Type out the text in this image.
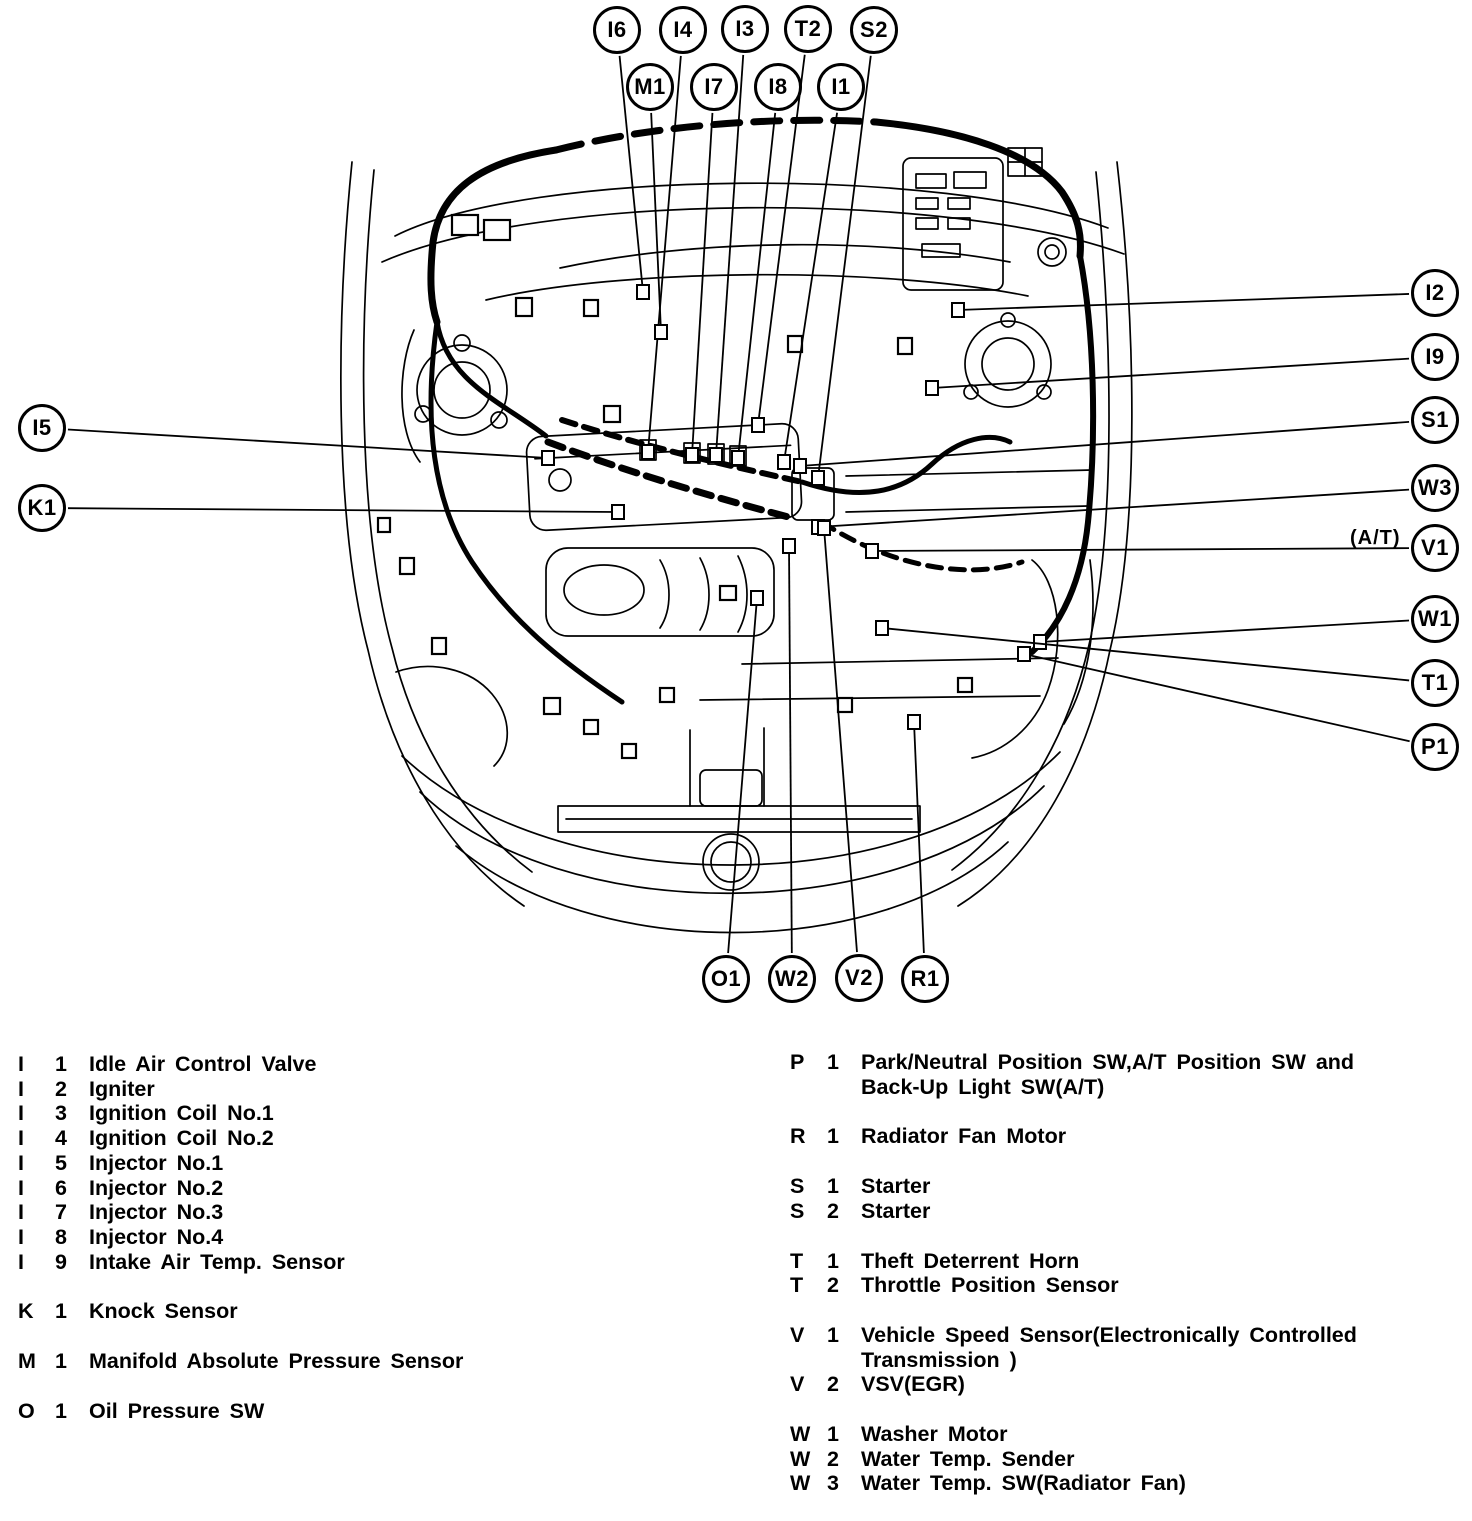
I6	I4	I3	T2	S2
M1	I7	I8	I1
I2
I9
S1
W3
V1
W1
T1
P1
I5
K1
O1	W2	V2	R1
(A/T)
I	1	Idle Air Control Valve
I	2	Igniter
I	3	Ignition Coil No.1
I	4	Ignition Coil No.2
I	5	Injector No.1
I	6	Injector No.2
I	7	Injector No.3
I	8	Injector No.4
I	9	Intake Air Temp. Sensor
K 1	Knock Sensor
M 1	Manifold Absolute Pressure Sensor
O 1	Oil Pressure SW
P	1	Park/Neutral Position SW,A/T Position SW and
Back-Up Light SW(A/T)
R 1	Radiator Fan Motor
S	1	Starter
S	2	Starter
T	1	Theft Deterrent Horn
T	2	Throttle Position Sensor
V	1	Vehicle Speed Sensor(Electronically Controlled
Transmission )
V	2	VSV(EGR)
W 1	Washer Motor
W 2	Water Temp. Sender
W 3	Water Temp. SW(Radiator Fan)
